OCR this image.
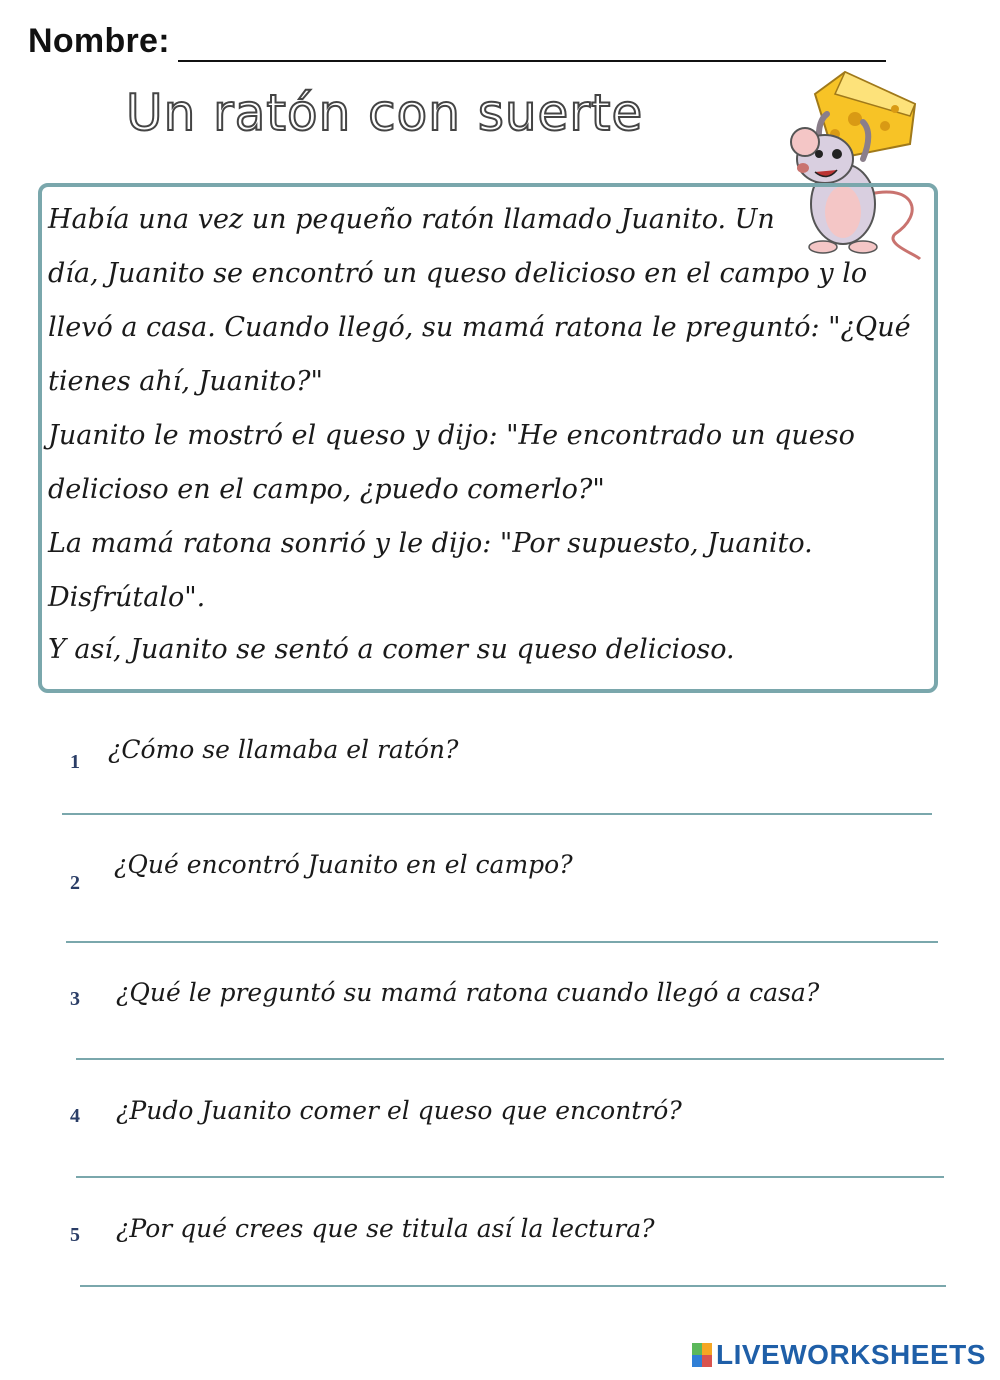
Nombre:
Un ratón con suerte
Había una vez un pequeño ratón llamado Juanito. Un
día, Juanito se encontró un queso delicioso en el campo y lo
llevó a casa. Cuando llegó, su mamá ratona le preguntó: "¿Qué
tienes ahí, Juanito?"
Juanito le mostró el queso y dijo: "He encontrado un queso
delicioso en el campo, ¿puedo comerlo?"
La mamá ratona sonrió y le dijo: "Por supuesto, Juanito.
Disfrútalo".
Y así, Juanito se sentó a comer su queso delicioso.
1 ¿Cómo se llamaba el ratón?
2
¿Qué encontró Juanito en el campo?
3 ¿Qué le preguntó su mamá ratona cuando llegó a casa?
4 ¿Pudo Juanito comer el queso que encontró?
5 ¿Por qué crees que se titula así la lectura?
LIVEWORKSHEETS
